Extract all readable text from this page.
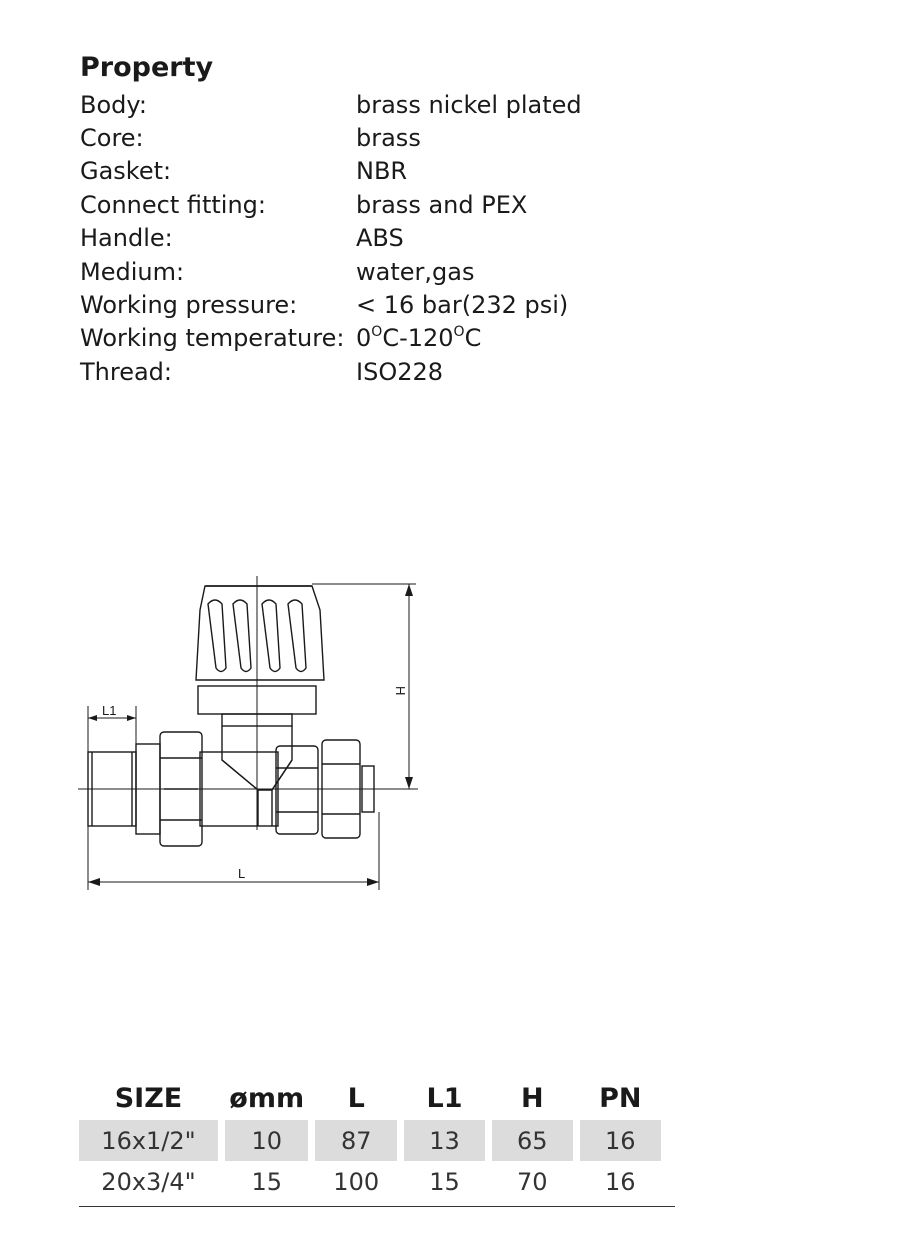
Property
Body:	brass nickel plated
Core:	brass
Gasket:	NBR
Connect fitting:	brass and PEX
Handle:	ABS
Medium:	water,gas
Working pressure:	< 16 bar(232 psi)
Working temperature: $0^OC-120^OC$
Thread:	ISO228
L1
H
L
SIZE	ømm	L	L1	H	PN
16x1/2"	10	87	13	65	16
20x3/4"	15	100	15	70	16
